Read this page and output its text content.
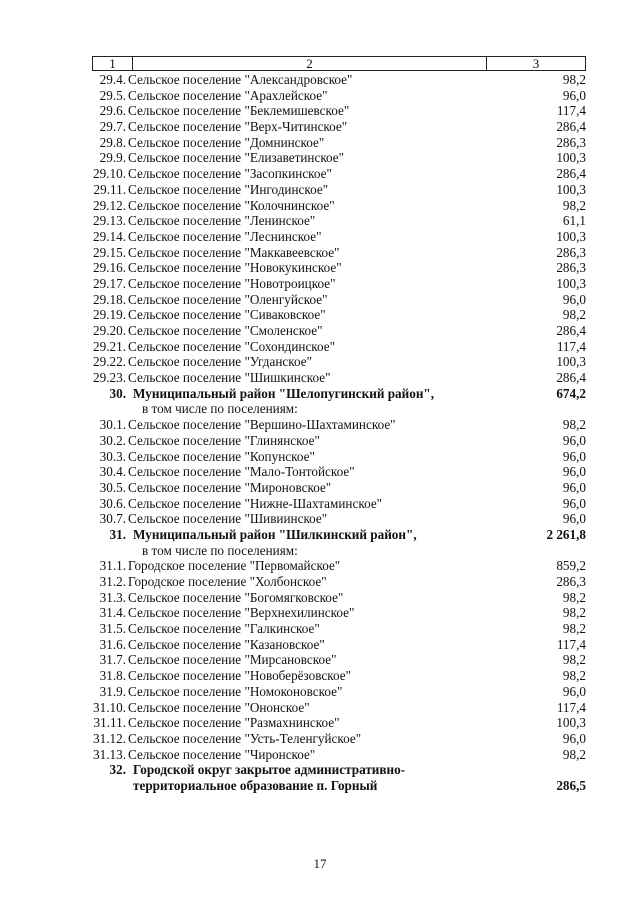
1	2	3
29.4. Сельское поселение "Александровское"	98,2
29.5. Сельское поселение "Арахлейское"	96,0
29.6. Сельское поселение "Беклемишевское"	117,4
29.7. Сельское поселение "Верх-Читинское"	286,4
29.8. Сельское поселение "Домнинское"	286,3
29.9. Сельское поселение "Елизаветинское"	100,3
29.10. Сельское поселение "Засопкинское"	286,4
29.11. Сельское поселение "Ингодинское"	100,3
29.12. Сельское поселение "Колочнинское"	98,2
29.13. Сельское поселение "Ленинское"	61,1
29.14. Сельское поселение "Леснинское"	100,3
29.15. Сельское поселение "Маккавеевское"	286,3
29.16. Сельское поселение "Новокукинское"	286,3
29.17. Сельское поселение "Новотроицкое"	100,3
29.18. Сельское поселение "Оленгуйское"	96,0
29.19. Сельское поселение "Сиваковское"	98,2
29.20. Сельское поселение "Смоленское"	286,4
29.21. Сельское поселение "Сохондинское"	117,4
29.22. Сельское поселение "Угданское"	100,3
29.23. Сельское поселение "Шишкинское"	286,4
30. Муниципальный район "Шелопугинский район",	674,2
в том числе по поселениям:
30.1. Сельское поселение "Вершино-Шахтаминское"	98,2
30.2. Сельское поселение "Глинянское"	96,0
30.3. Сельское поселение "Копунское"	96,0
30.4. Сельское поселение "Мало-Тонтойское"	96,0
30.5. Сельское поселение "Мироновское"	96,0
30.6. Сельское поселение "Нижне-Шахтаминское"	96,0
30.7. Сельское поселение "Шивиинское"	96,0
31. Муниципальный район "Шилкинский район",	2 261,8
в том числе по поселениям:
31.1. Городское поселение "Первомайское"	859,2
31.2. Городское поселение "Холбонское"	286,3
31.3. Сельское поселение "Богомягковское"	98,2
31.4. Сельское поселение "Верхнехилинское"	98,2
31.5. Сельское поселение "Галкинское"	98,2
31.6. Сельское поселение "Казановское"	117,4
31.7. Сельское поселение "Мирсановское"	98,2
31.8. Сельское поселение "Новоберёзовское"	98,2
31.9. Сельское поселение "Номоконовское"	96,0
31.10. Сельское поселение "Ононское"	117,4
31.11. Сельское поселение "Размахнинское"	100,3
31.12. Сельское поселение "Усть-Теленгуйское"	96,0
31.13. Сельское поселение "Чиронское"	98,2
32. Городской округ закрытое административно-
территориальное образование п. Горный	286,5
17
